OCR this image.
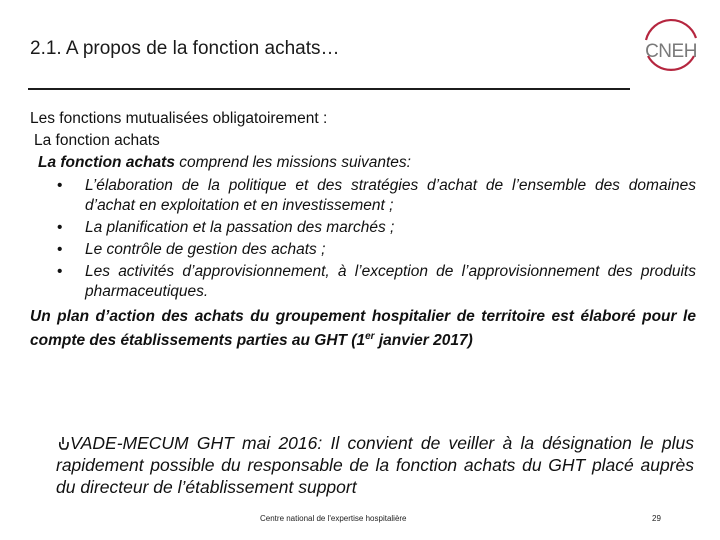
2.1. A propos de la fonction achats…	CNEH
Les fonctions mutualisées obligatoirement :
La fonction achats
La fonction achats comprend les missions suivantes:
• L’élaboration de la politique et des stratégies d’achat de l’ensemble des domaines d’achat en exploitation et en investissement ;
• La planification et la passation des marchés ;
• Le contrôle de gestion des achats ;
• Les activités d’approvisionnement, à l’exception de l’approvisionnement des produits pharmaceutiques.
Un plan d’action des achats du groupement hospitalier de territoire est élaboré pour le compte des établissements parties au GHT (1er janvier 2017)
VADE-MECUM GHT mai 2016: Il convient de veiller à la désignation le plus rapidement possible du responsable de la fonction achats du GHT placé auprès du directeur de l’établissement support
Centre national de l'expertise hospitalière	29
